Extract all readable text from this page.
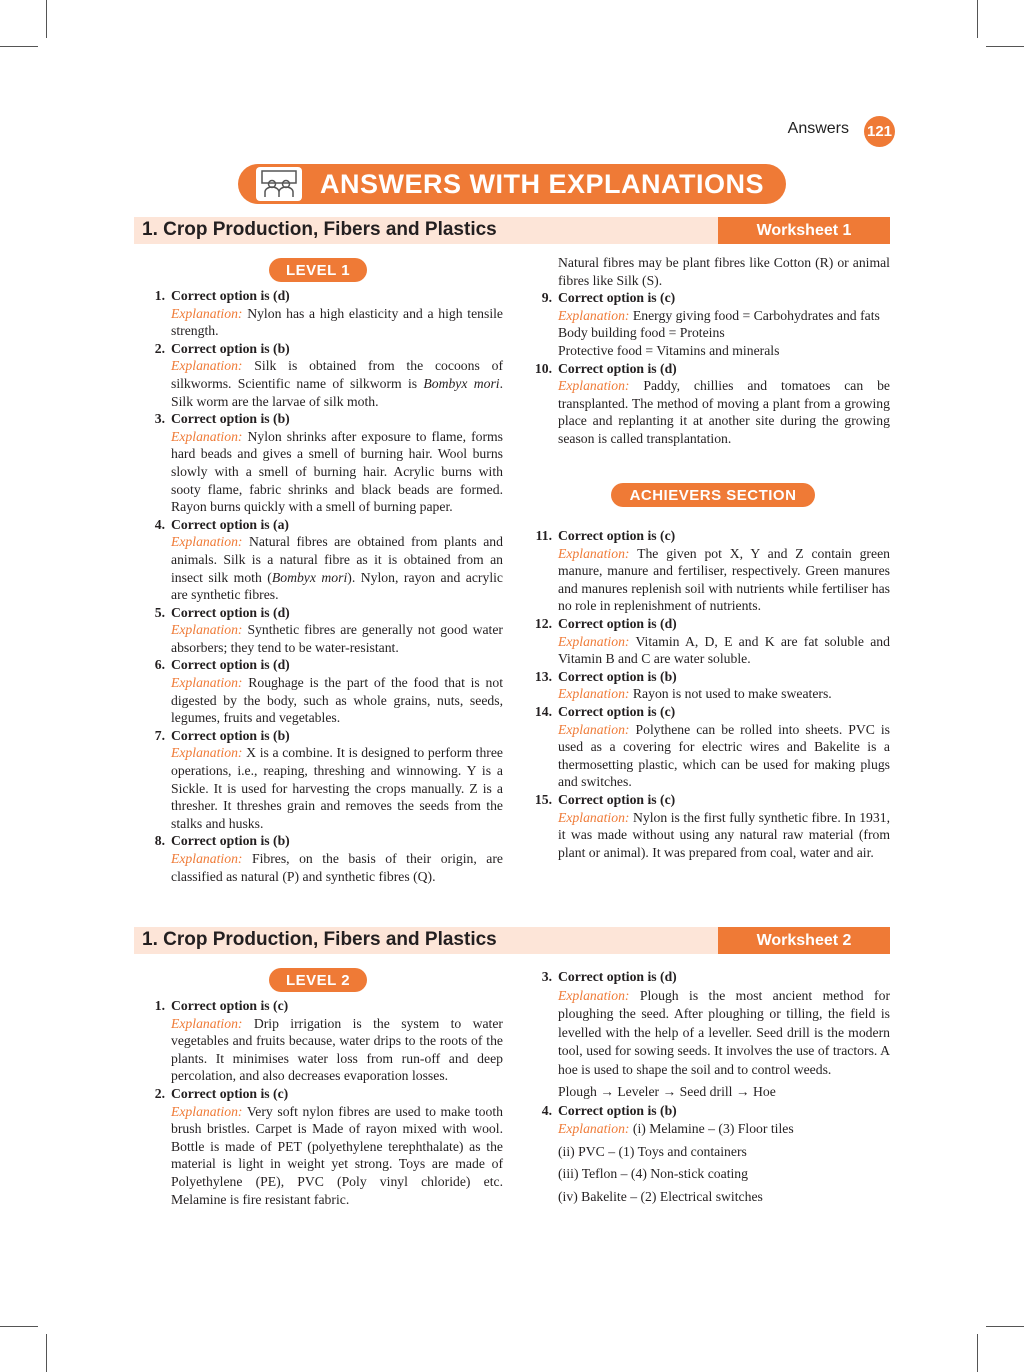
Answers 121
ANSWERS WITH EXPLANATIONS
1. Crop Production, Fibers and Plastics	Worksheet 1
LEVEL 1
1. Correct option is (d)
Explanation: Nylon has a high elasticity and a high tensile strength.
2. Correct option is (b)
Explanation: Silk is obtained from the cocoons of silkworms. Scientific name of silkworm is Bombyx mori. Silk worm are the larvae of silk moth.
3. Correct option is (b)
Explanation: Nylon shrinks after exposure to flame, forms hard beads and gives a smell of burning hair. Wool burns slowly with a smell of burning hair. Acrylic burns with sooty flame, fabric shrinks and black beads are formed. Rayon burns quickly with a smell of burning paper.
4. Correct option is (a)
Explanation: Natural fibres are obtained from plants and animals. Silk is a natural fibre as it is obtained from an insect silk moth (Bombyx mori). Nylon, rayon and acrylic are synthetic fibres.
5. Correct option is (d)
Explanation: Synthetic fibres are generally not good water absorbers; they tend to be water-resistant.
6. Correct option is (d)
Explanation: Roughage is the part of the food that is not digested by the body, such as whole grains, nuts, seeds, legumes, fruits and vegetables.
7. Correct option is (b)
Explanation: X is a combine. It is designed to perform three operations, i.e., reaping, threshing and winnowing. Y is a Sickle. It is used for harvesting the crops manually. Z is a thresher. It threshes grain and removes the seeds from the stalks and husks.
8. Correct option is (b)
Explanation: Fibres, on the basis of their origin, are classified as natural (P) and synthetic fibres (Q).
Natural fibres may be plant fibres like Cotton (R) or animal fibres like Silk (S).
9. Correct option is (c)
Explanation: Energy giving food = Carbohydrates and fats
Body building food = Proteins
Protective food = Vitamins and minerals
10. Correct option is (d)
Explanation: Paddy, chillies and tomatoes can be transplanted. The method of moving a plant from a growing place and replanting it at another site during the growing season is called transplantation.
ACHIEVERS SECTION
11. Correct option is (c)
Explanation: The given pot X, Y and Z contain green manure, manure and fertiliser, respectively. Green manures and manures replenish soil with nutrients while fertiliser has no role in replenishment of nutrients.
12. Correct option is (d)
Explanation: Vitamin A, D, E and K are fat soluble and Vitamin B and C are water soluble.
13. Correct option is (b)
Explanation: Rayon is not used to make sweaters.
14. Correct option is (c)
Explanation: Polythene can be rolled into sheets. PVC is used as a covering for electric wires and Bakelite is a thermosetting plastic, which can be used for making plugs and switches.
15. Correct option is (c)
Explanation: Nylon is the first fully synthetic fibre. In 1931, it was made without using any natural raw material (from plant or animal). It was prepared from coal, water and air.
1. Crop Production, Fibers and Plastics	Worksheet 2
LEVEL 2
1. Correct option is (c)
Explanation: Drip irrigation is the system to water vegetables and fruits because, water drips to the roots of the plants. It minimises water loss from run-off and deep percolation, and also decreases evaporation losses.
2. Correct option is (c)
Explanation: Very soft nylon fibres are used to make tooth brush bristles. Carpet is Made of rayon mixed with wool. Bottle is made of PET (polyethylene terephthalate) as the material is light in weight yet strong. Toys are made of Polyethylene (PE), PVC (Poly vinyl chloride) etc. Melamine is fire resistant fabric.
3. Correct option is (d)
Explanation: Plough is the most ancient method for ploughing the seed. After ploughing or tilling, the field is levelled with the help of a leveller. Seed drill is the modern tool, used for sowing seeds. It involves the use of tractors. A hoe is used to shape the soil and to control weeds.
Plough → Leveler → Seed drill → Hoe
4. Correct option is (b)
Explanation: (i) Melamine – (3) Floor tiles
(ii) PVC – (1) Toys and containers
(iii) Teflon – (4) Non-stick coating
(iv) Bakelite – (2) Electrical switches
